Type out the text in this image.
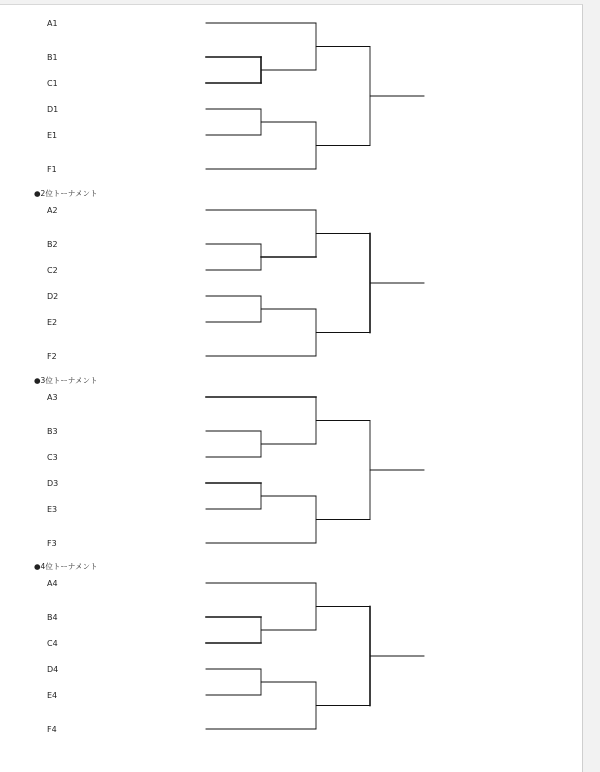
A1
B1
C1
D1
E1
F1
●2位トーナメント
A2
B2
C2
D2
E2
F2
●3位トーナメント
A3
B3
C3
D3
E3
F3
●4位トーナメント
A4
B4
C4
D4
E4
F4
